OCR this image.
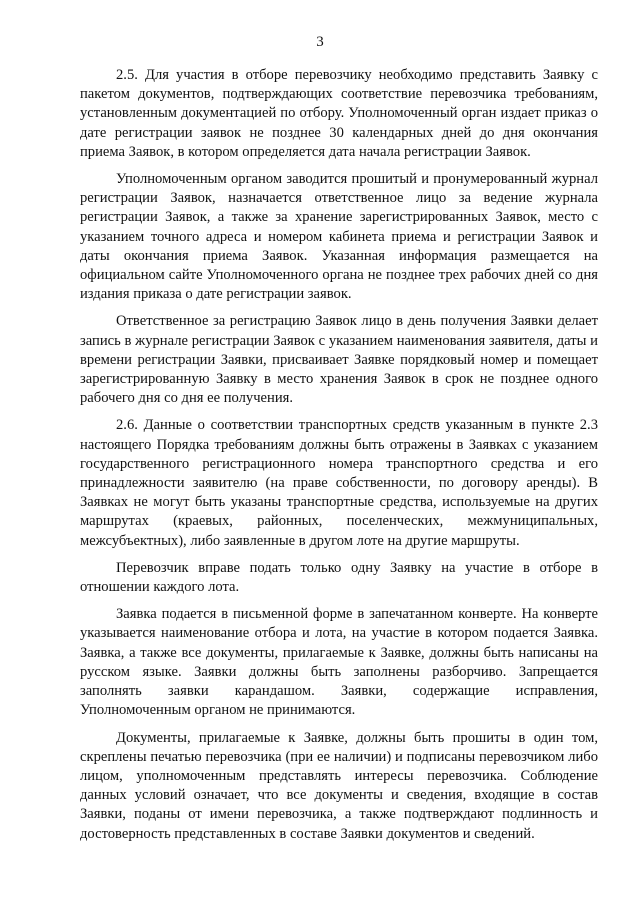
3

2.5. Для участия в отборе перевозчику необходимо представить Заявку с пакетом документов, подтверждающих соответствие перевозчика требованиям, установленным документацией по отбору. Уполномоченный орган издает приказ о дате регистрации заявок не позднее 30 календарных дней до дня окончания приема Заявок, в котором определяется дата начала регистрации Заявок.

Уполномоченным органом заводится прошитый и пронумерованный журнал регистрации Заявок, назначается ответственное лицо за ведение журнала регистрации Заявок, а также за хранение зарегистрированных Заявок, место с указанием точного адреса и номером кабинета приема и регистрации Заявок и даты окончания приема Заявок. Указанная информация размещается на официальном сайте Уполномоченного органа не позднее трех рабочих дней со дня издания приказа о дате регистрации заявок.

Ответственное за регистрацию Заявок лицо в день получения Заявки делает запись в журнале регистрации Заявок с указанием наименования заявителя, даты и времени регистрации Заявки, присваивает Заявке порядковый номер и помещает зарегистрированную Заявку в место хранения Заявок в срок не позднее одного рабочего дня со дня ее получения.

2.6. Данные о соответствии транспортных средств указанным в пункте 2.3 настоящего Порядка требованиям должны быть отражены в Заявках с указанием государственного регистрационного номера транспортного средства и его принадлежности заявителю (на праве собственности, по договору аренды). В Заявках не могут быть указаны транспортные средства, используемые на других маршрутах (краевых, районных, поселенческих, межмуниципальных, межсубъектных), либо заявленные в другом лоте на другие маршруты.

Перевозчик вправе подать только одну Заявку на участие в отборе в отношении каждого лота.

Заявка подается в письменной форме в запечатанном конверте. На конверте указывается наименование отбора и лота, на участие в котором подается Заявка. Заявка, а также все документы, прилагаемые к Заявке, должны быть написаны на русском языке. Заявки должны быть заполнены разборчиво. Запрещается заполнять заявки карандашом. Заявки, содержащие исправления, Уполномоченным органом не принимаются.

Документы, прилагаемые к Заявке, должны быть прошиты в один том, скреплены печатью перевозчика (при ее наличии) и подписаны перевозчиком либо лицом, уполномоченным представлять интересы перевозчика. Соблюдение данных условий означает, что все документы и сведения, входящие в состав Заявки, поданы от имени перевозчика, а также подтверждают подлинность и достоверность представленных в составе Заявки документов и сведений.
